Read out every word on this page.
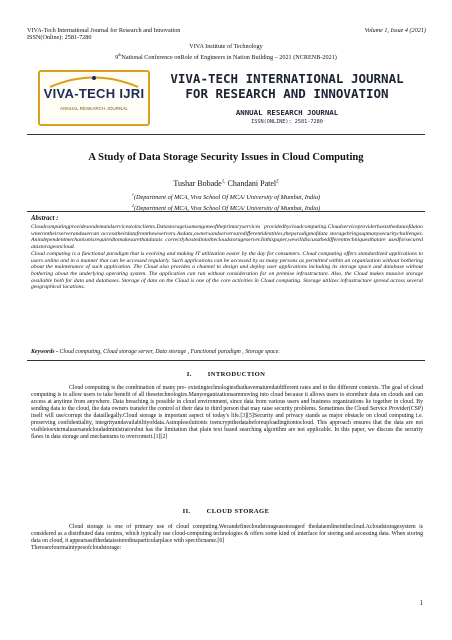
VIVA-Tech International Journal for Research and Innovation
ISSN(Online): 2581-7280
Volume 1, Issue 4 (2021)
VIVA Institute of Technology
9thNational Conference onRole of Engineers in Nation Building – 2021 (NCRENB-2021)
VIVA-TECH IJRI
ANNUAL RESEARCH JOURNAL
VIVA-TECH INTERNATIONAL JOURNAL
FOR RESEARCH AND INNOVATION
ANNUAL RESEARCH JOURNAL
ISSN(ONLINE): 2581-7280
A Study of Data Storage Security Issues in Cloud Computing
Tushar Bobade$^{1,}$ Chandani Patel$^2$
$^1$(Department of MCA, Viva School Of MCA/ University of Mumbai, India)
$^2$(Department of MCA, Viva School Of MCA/ University of Mumbai, India)
Abstract :
Cloudcomputingprovidesondemandservicestoitsclients.Datastorageisamongoneoftheprimaryservices providedbycloudcomputing.Cloudserviceproviderhoststhedataofdataownerontheirserverandusercan accesstheirdatafromtheseservers.Asdata,ownersandserversaredifferentidentities,theparadigmofdata storagebringsupmanysecuritychallenges.Anindependentmechanismisrequiredtomakesurethatdatais correctlyhostedintothecloudstorageserver.Inthispaper,wewilldiscussthedifferenttechniquesthatare usedforsecuredatastorageoncloud.
Cloud computing is a functional paradigm that is evolving and making IT utilization easier by the day for consumers. Cloud computing offers standardized applications to users online and in a manner that can be accessed regularly. Such applications can be accessed by as many persons as permitted within an organization without bothering about the maintenance of such application. The Cloud also provides a channel to design and deploy user applications including its storage space and database without bothering about the underlying operating system. The application can run without consideration for on premise infrastructure. Also, the Cloud makes massive storage available both for data and databases. Storage of data on the Cloud is one of the core activities in Cloud computing. Storage utilizes infrastructure spread across several geographical locations.
Keywords - Cloud computing, Cloud storage server, Data storage , Functional paradigm , Storage space.
I. INTRODUCTION
Cloud computing is the combination of many pre- existingtechnologiesthathavematuredatdifferent rates and in the different contexts. The goal of cloud computing is to allow users to take benefit of all thesetechnologies.Manyorganizationsaremoving into cloud because it allows users to storetheir data on clouds and can access at anytime from anywhere. Data breaching is possible in cloud environment, since data from various users and business organizations lie together in cloud. By sending data to the cloud, the data owners transfer the control of their data to third person that may raise security problems. Sometimes the Cloud Service Provider(CSP) itself will use/corrupt the dataillegally.Cloud storage is important aspect of today's life.[3][5]Security and privacy stands as major obstacle on cloud computing i.e. preserving confidentiality, integrityandavailabilityofdata.Asimplesolutionis toencryptthedatabeforeuploadingitontocloud. This approach ensures that the data are not visibletoexternalusersandcloudadministratorsbut has the limitation that plain text based searching algorithm are not applicable. In this paper, we discuss the security flaws in data storage and mechanisms to overcomeit.[1][2]
II. CLOUD STORAGE
Cloud storage is one of primary use of cloud computing.Wecandefinecloudstorageasstorageof thedataonlineinthecloud.Acloudstoragesystem is considered as a distributed data centres, which typically use cloud-computing technologies & offers some kind of interface for storing and accessing data. When storing data on cloud, it appearsasifthedataisstoredinaparticularplace with specificname.[6]
Therearefourmaintypesofcloudstorage:
1
